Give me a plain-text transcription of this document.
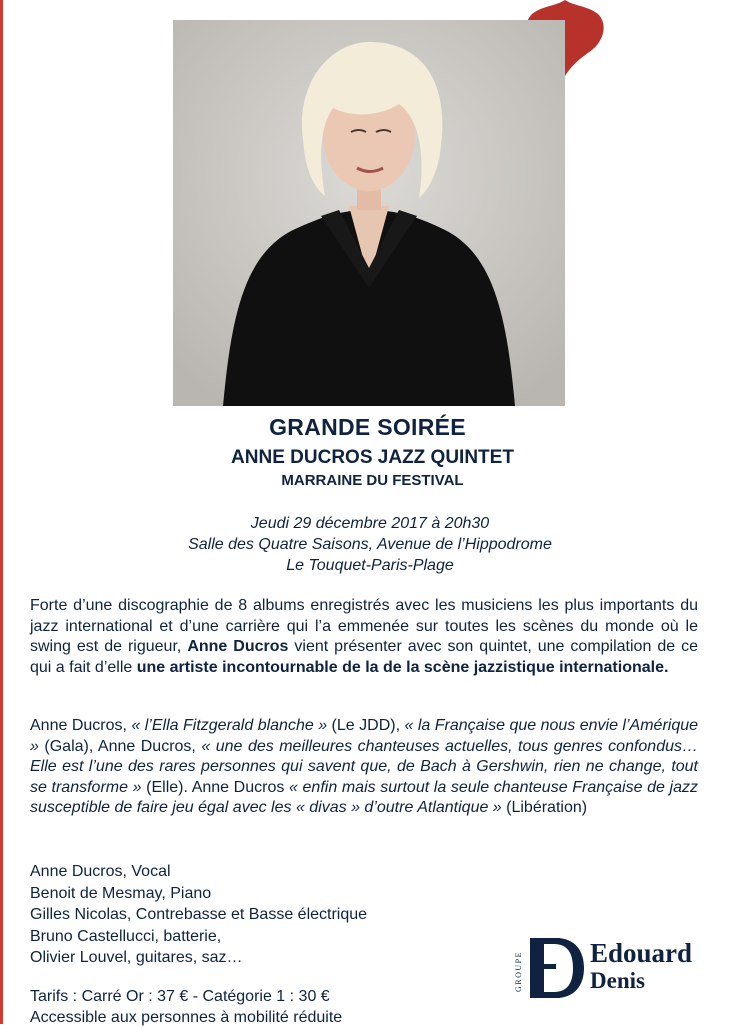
GRANDE SOIRÉE
ANNE DUCROS JAZZ QUINTET
MARRAINE DU FESTIVAL
Jeudi 29 décembre 2017 à 20h30
Salle des Quatre Saisons, Avenue de l’Hippodrome
Le Touquet-Paris-Plage
Forte d’une discographie de 8 albums enregistrés avec les musiciens les plus importants du jazz international et d’une carrière qui l’a emmenée sur toutes les scènes du monde où le swing est de rigueur, Anne Ducros vient présenter avec son quintet, une compilation de ce qui a fait d’elle une artiste incontournable de la de la scène jazzistique internationale.
Anne Ducros, « l’Ella Fitzgerald blanche » (Le JDD), « la Française que nous envie l’Amérique » (Gala), Anne Ducros, « une des meilleures chanteuses actuelles, tous genres confondus… Elle est l’une des rares personnes qui savent que, de Bach à Gershwin, rien ne change, tout se transforme » (Elle). Anne Ducros « enfin mais surtout la seule chanteuse Française de jazz susceptible de faire jeu égal avec les « divas » d’outre Atlantique » (Libération)
Anne Ducros, Vocal
Benoit de Mesmay, Piano
Gilles Nicolas, Contrebasse et Basse électrique
Bruno Castellucci, batterie,
Olivier Louvel, guitares, saz…
Tarifs : Carré Or : 37 € - Catégorie 1 : 30 €
Accessible aux personnes à mobilité réduite
GROUPE Edouard
Denis
